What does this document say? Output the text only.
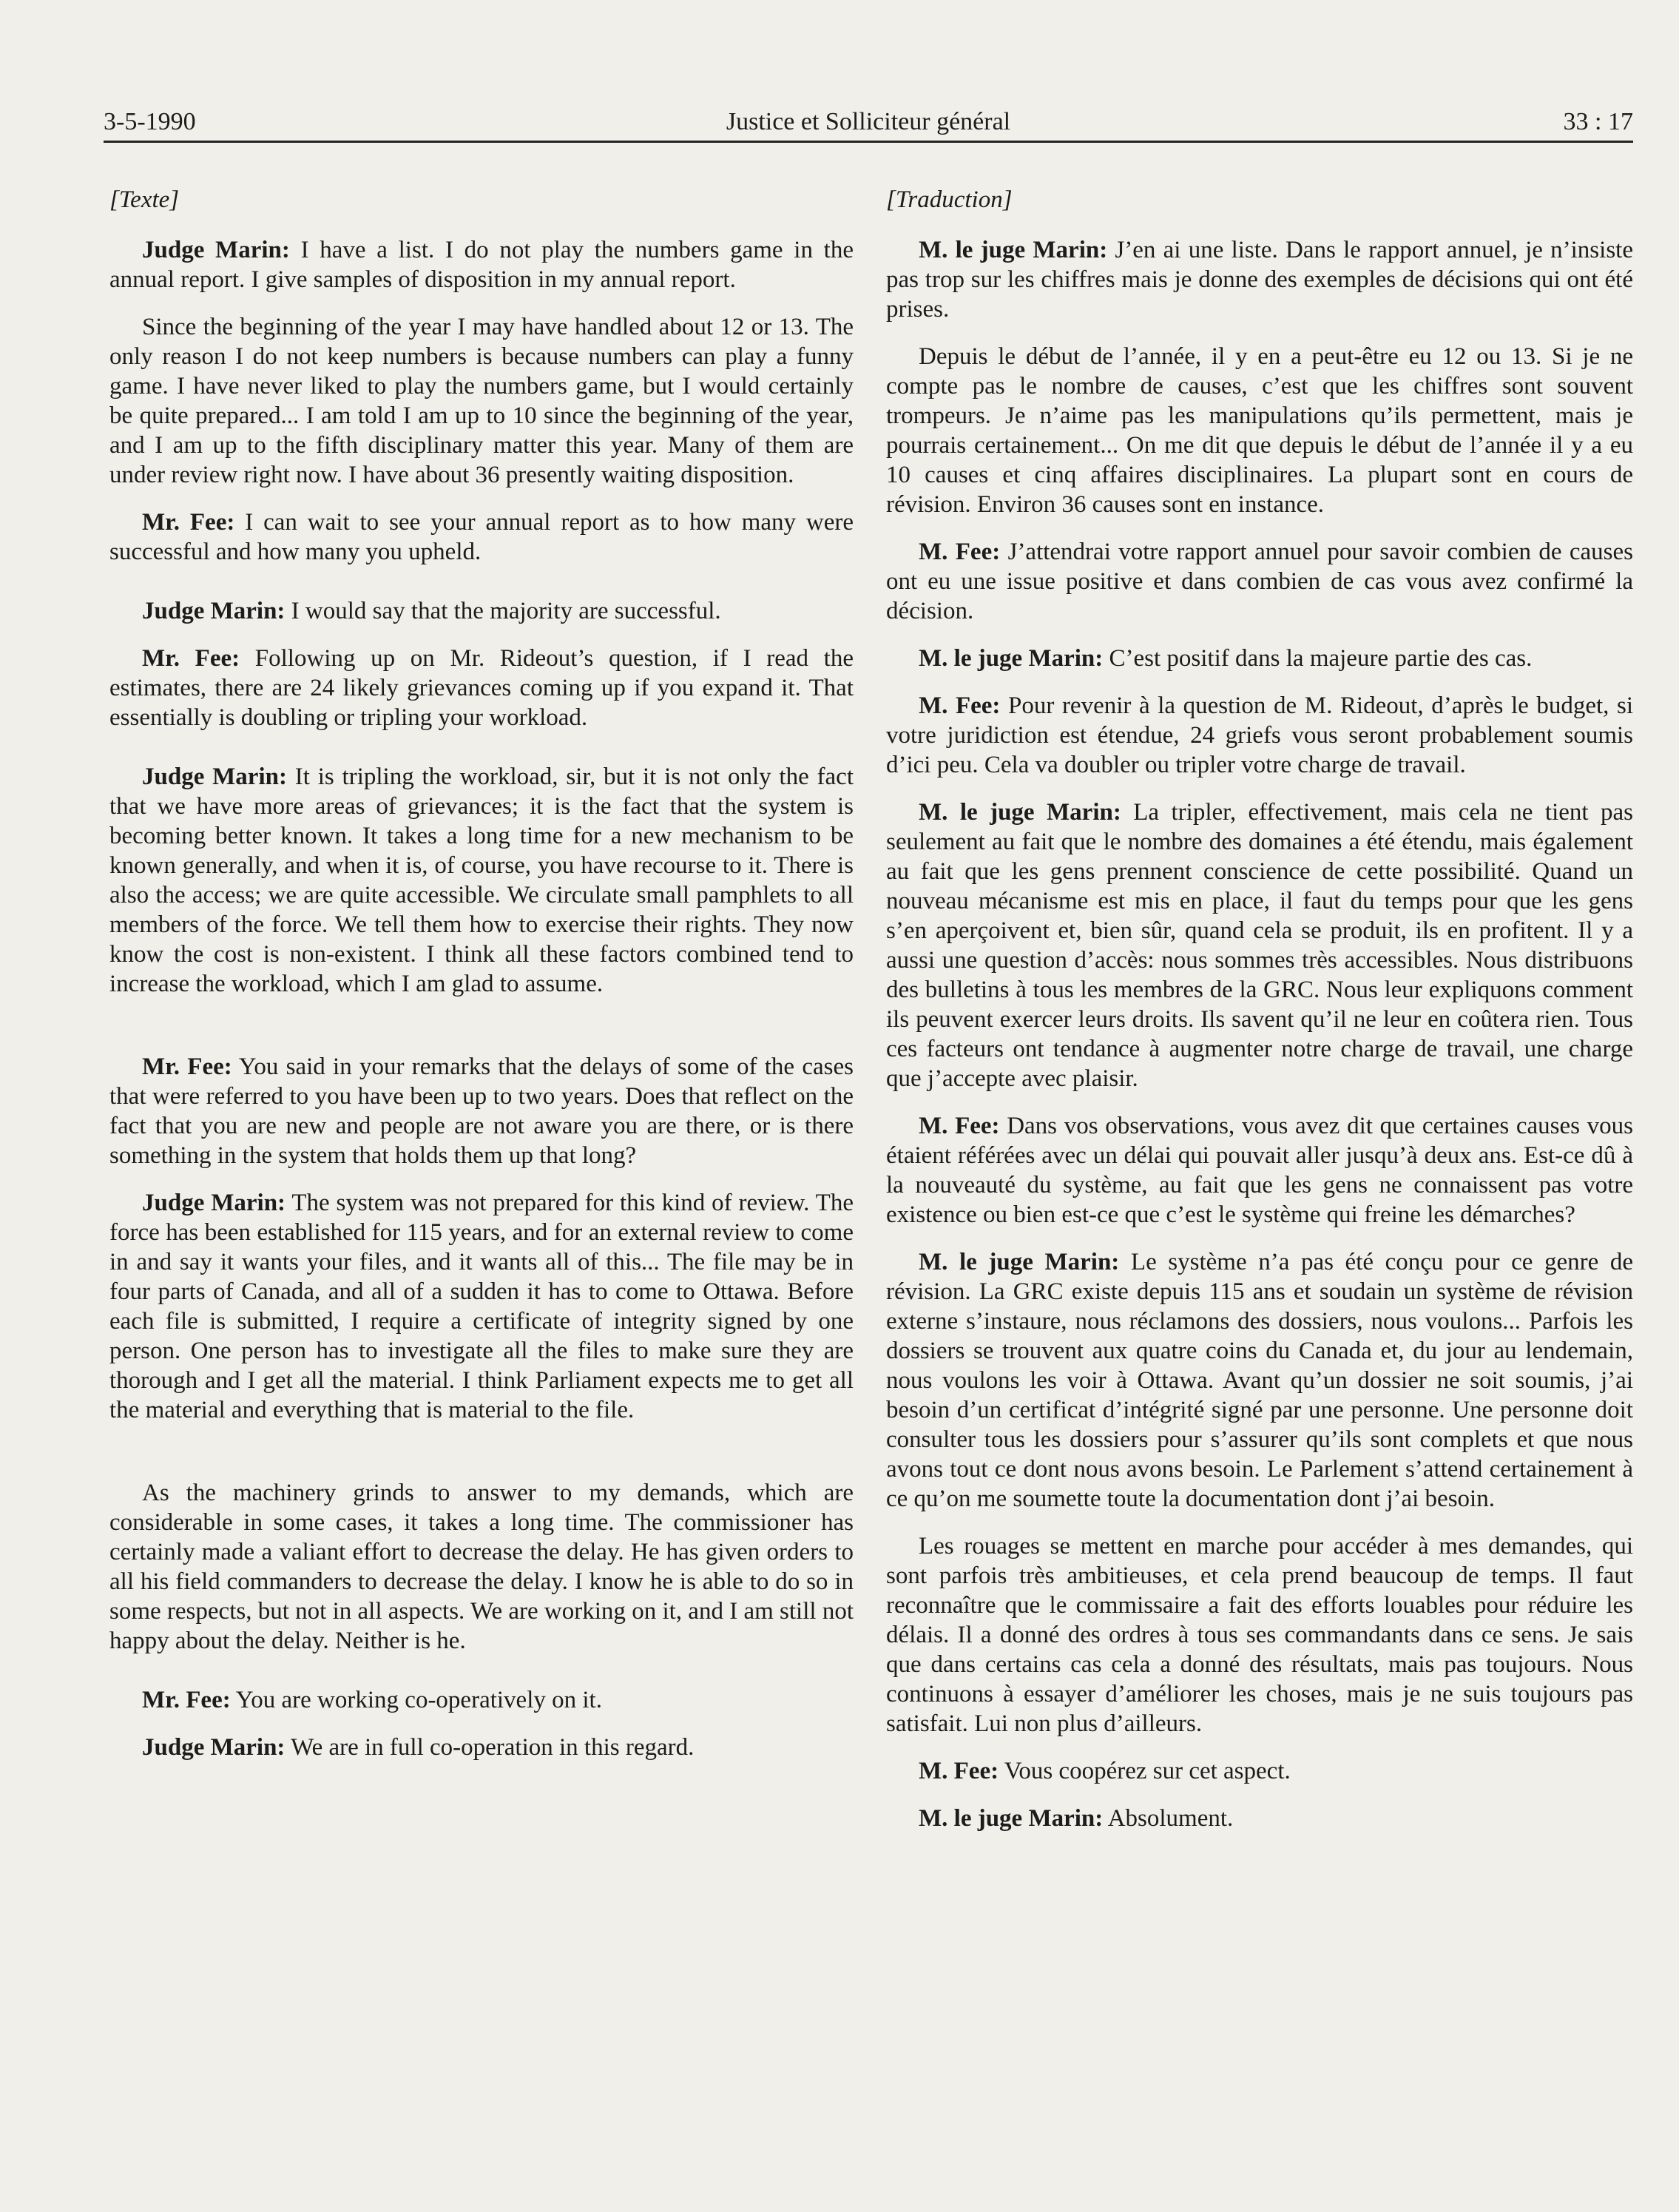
3-5-1990	Justice et Solliciteur général	33 : 17
[Texte]

Judge Marin: I have a list. I do not play the numbers game in the annual report. I give samples of disposition in my annual report.

Since the beginning of the year I may have handled about 12 or 13. The only reason I do not keep numbers is because numbers can play a funny game. I have never liked to play the numbers game, but I would certainly be quite prepared... I am told I am up to 10 since the beginning of the year, and I am up to the fifth disciplinary matter this year. Many of them are under review right now. I have about 36 presently waiting disposition.

Mr. Fee: I can wait to see your annual report as to how many were successful and how many you upheld.

Judge Marin: I would say that the majority are successful.

Mr. Fee: Following up on Mr. Rideout’s question, if I read the estimates, there are 24 likely grievances coming up if you expand it. That essentially is doubling or tripling your workload.

Judge Marin: It is tripling the workload, sir, but it is not only the fact that we have more areas of grievances; it is the fact that the system is becoming better known. It takes a long time for a new mechanism to be known generally, and when it is, of course, you have recourse to it. There is also the access; we are quite accessible. We circulate small pamphlets to all members of the force. We tell them how to exercise their rights. They now know the cost is non-existent. I think all these factors combined tend to increase the workload, which I am glad to assume.

Mr. Fee: You said in your remarks that the delays of some of the cases that were referred to you have been up to two years. Does that reflect on the fact that you are new and people are not aware you are there, or is there something in the system that holds them up that long?

Judge Marin: The system was not prepared for this kind of review. The force has been established for 115 years, and for an external review to come in and say it wants your files, and it wants all of this... The file may be in four parts of Canada, and all of a sudden it has to come to Ottawa. Before each file is submitted, I require a certificate of integrity signed by one person. One person has to investigate all the files to make sure they are thorough and I get all the material. I think Parliament expects me to get all the material and everything that is material to the file.

As the machinery grinds to answer to my demands, which are considerable in some cases, it takes a long time. The commissioner has certainly made a valiant effort to decrease the delay. He has given orders to all his field commanders to decrease the delay. I know he is able to do so in some respects, but not in all aspects. We are working on it, and I am still not happy about the delay. Neither is he.

Mr. Fee: You are working co-operatively on it.

Judge Marin: We are in full co-operation in this regard.

[Traduction]

M. le juge Marin: J’en ai une liste. Dans le rapport annuel, je n’insiste pas trop sur les chiffres mais je donne des exemples de décisions qui ont été prises.

Depuis le début de l’année, il y en a peut-être eu 12 ou 13. Si je ne compte pas le nombre de causes, c’est que les chiffres sont souvent trompeurs. Je n’aime pas les manipulations qu’ils permettent, mais je pourrais certainement... On me dit que depuis le début de l’année il y a eu 10 causes et cinq affaires disciplinaires. La plupart sont en cours de révision. Environ 36 causes sont en instance.

M. Fee: J’attendrai votre rapport annuel pour savoir combien de causes ont eu une issue positive et dans combien de cas vous avez confirmé la décision.

M. le juge Marin: C’est positif dans la majeure partie des cas.

M. Fee: Pour revenir à la question de M. Rideout, d’après le budget, si votre juridiction est étendue, 24 griefs vous seront probablement soumis d’ici peu. Cela va doubler ou tripler votre charge de travail.

M. le juge Marin: La tripler, effectivement, mais cela ne tient pas seulement au fait que le nombre des domaines a été étendu, mais également au fait que les gens prennent conscience de cette possibilité. Quand un nouveau mécanisme est mis en place, il faut du temps pour que les gens s’en aperçoivent et, bien sûr, quand cela se produit, ils en profitent. Il y a aussi une question d’accès: nous sommes très accessibles. Nous distribuons des bulletins à tous les membres de la GRC. Nous leur expliquons comment ils peuvent exercer leurs droits. Ils savent qu’il ne leur en coûtera rien. Tous ces facteurs ont tendance à augmenter notre charge de travail, une charge que j’accepte avec plaisir.

M. Fee: Dans vos observations, vous avez dit que certaines causes vous étaient référées avec un délai qui pouvait aller jusqu’à deux ans. Est-ce dû à la nouveauté du système, au fait que les gens ne connaissent pas votre existence ou bien est-ce que c’est le système qui freine les démarches?

M. le juge Marin: Le système n’a pas été conçu pour ce genre de révision. La GRC existe depuis 115 ans et soudain un système de révision externe s’instaure, nous réclamons des dossiers, nous voulons... Parfois les dossiers se trouvent aux quatre coins du Canada et, du jour au lendemain, nous voulons les voir à Ottawa. Avant qu’un dossier ne soit soumis, j’ai besoin d’un certificat d’intégrité signé par une personne. Une personne doit consulter tous les dossiers pour s’assurer qu’ils sont complets et que nous avons tout ce dont nous avons besoin. Le Parlement s’attend certainement à ce qu’on me soumette toute la documentation dont j’ai besoin.

Les rouages se mettent en marche pour accéder à mes demandes, qui sont parfois très ambitieuses, et cela prend beaucoup de temps. Il faut reconnaître que le commissaire a fait des efforts louables pour réduire les délais. Il a donné des ordres à tous ses commandants dans ce sens. Je sais que dans certains cas cela a donné des résultats, mais pas toujours. Nous continuons à essayer d’améliorer les choses, mais je ne suis toujours pas satisfait. Lui non plus d’ailleurs.

M. Fee: Vous coopérez sur cet aspect.

M. le juge Marin: Absolument.
